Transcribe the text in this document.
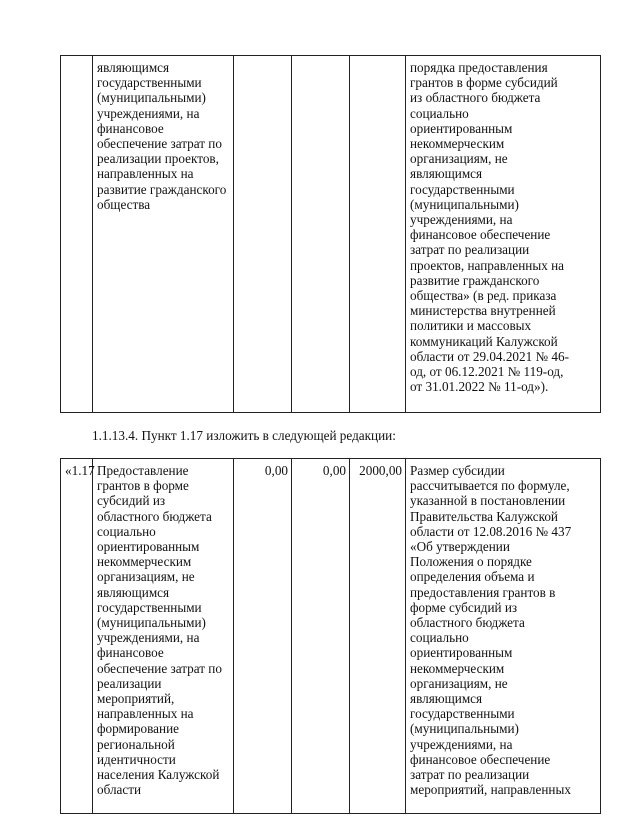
	являющимся
государственными
(муниципальными)
учреждениями, на
финансовое
обеспечение затрат по
реализации проектов,
направленных на
развитие гражданского
общества				порядка предоставления
грантов в форме субсидий
из областного бюджета
социально
ориентированным
некоммерческим
организациям, не
являющимся
государственными
(муниципальными)
учреждениями, на
финансовое обеспечение
затрат по реализации
проектов, направленных на
развитие гражданского
общества» (в ред. приказа
министерства внутренней
политики и массовых
коммуникаций Калужской
области от 29.04.2021 № 46-
од, от 06.12.2021 № 119-од,
от 31.01.2022 № 11-од»).
1.1.13.4. Пункт 1.17 изложить в следующей редакции:
«1.17	Предоставление
грантов в форме
субсидий из
областного бюджета
социально
ориентированным
некоммерческим
организациям, не
являющимся
государственными
(муниципальными)
учреждениями, на
финансовое
обеспечение затрат по
реализации
мероприятий,
направленных на
формирование
региональной
идентичности
населения Калужской
области	0,00	0,00	2000,00	Размер субсидии
рассчитывается по формуле,
указанной в постановлении
Правительства Калужской
области от 12.08.2016 № 437
«Об утверждении
Положения о порядке
определения объема и
предоставления грантов в
форме субсидий из
областного бюджета
социально
ориентированным
некоммерческим
организациям, не
являющимся
государственными
(муниципальными)
учреждениями, на
финансовое обеспечение
затрат по реализации
мероприятий, направленных
